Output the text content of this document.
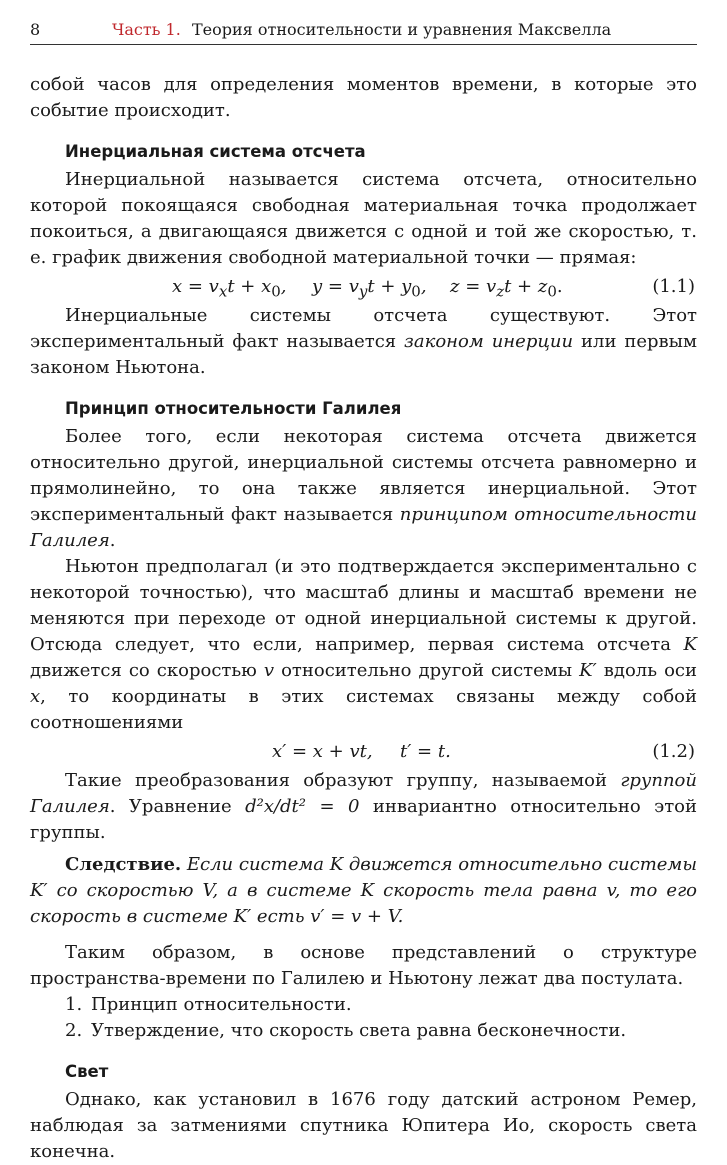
8	Часть 1. Теория относительности и уравнения Максвелла

собой часов для определения моментов времени, в которые это событие происходит.

Инерциальная система отсчета

Инерциальной называется система отсчета, относительно которой покоящаяся свободная материальная точка продолжает покоиться, а двигающаяся движется с одной и той же скоростью, т. е. график движения свободной материальной точки — прямая:

$x = v_xt + x_0$, $y = v_yt + y_0$, $z = v_zt + z_0$.	(1.1)

Инерциальные системы отсчета существуют. Этот экспериментальный факт называется законом инерции или первым законом Ньютона.

Принцип относительности Галилея

Более того, если некоторая система отсчета движется относительно другой, инерциальной системы отсчета равномерно и прямолинейно, то она также является инерциальной. Этот экспериментальный факт называется принципом относительности Галилея.

Ньютон предполагал (и это подтверждается экспериментально с некоторой точностью), что масштаб длины и масштаб времени не меняются при переходе от одной инерциальной системы к другой. Отсюда следует, что если, например, первая система отсчета K движется со скоростью v относительно другой системы K′ вдоль оси x, то координаты в этих системах связаны между собой соотношениями

x′ = x + vt, t′ = t.	(1.2)

Такие преобразования образуют группу, называемой группой Галилея. Уравнение d²x/dt² = 0 инвариантно относительно этой группы.

Следствие. Если система K движется относительно системы K′ со скоростью V, а в системе K скорость тела равна v, то его скорость в системе K′ есть v′ = v + V.

Таким образом, в основе представлений о структуре пространства-времени по Галилею и Ньютону лежат два постулата.

1. Принцип относительности.
2. Утверждение, что скорость света равна бесконечности.

Свет

Однако, как установил в 1676 году датский астроном Ремер, наблюдая за затмениями спутника Юпитера Ио, скорость света конечна.
